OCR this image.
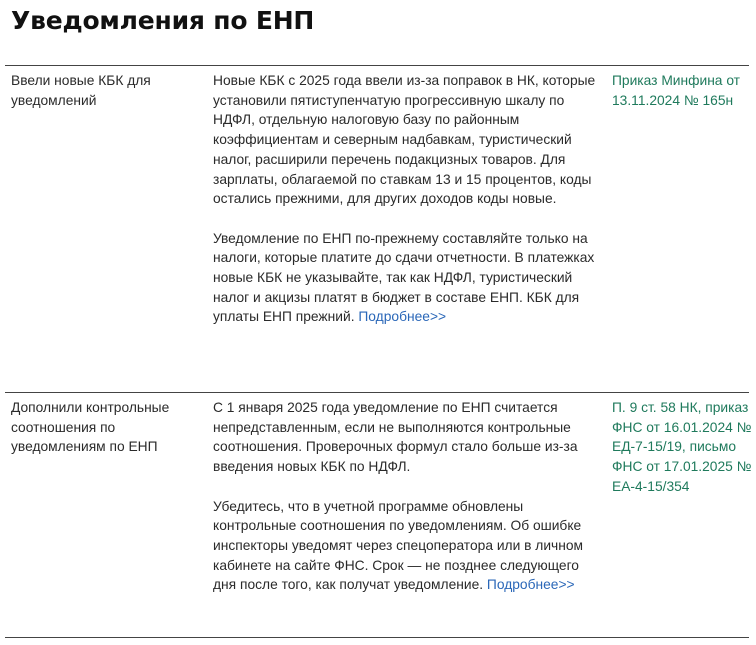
Уведомления по ЕНП
Ввели новые КБК для уведомлений

Новые КБК с 2025 года ввели из-за поправок в НК, которые установили пятиступенчатую прогрессивную шкалу по НДФЛ, отдельную налоговую базу по районным коэффициентам и северным надбавкам, туристический налог, расширили перечень подакцизных товаров. Для зарплаты, облагаемой по ставкам 13 и 15 процентов, коды остались прежними, для других доходов коды новые.

Уведомление по ЕНП по-прежнему составляйте только на налоги, которые платите до сдачи отчетности. В платежках новые КБК не указывайте, так как НДФЛ, туристический налог и акцизы платят в бюджет в составе ЕНП. КБК для уплаты ЕНП прежний. Подробнее>>

Приказ Минфина от 13.11.2024 № 165н
Дополнили контрольные соотношения по уведомлениям по ЕНП

С 1 января 2025 года уведомление по ЕНП считается непредставленным, если не выполняются контрольные соотношения. Проверочных формул стало больше из-за введения новых КБК по НДФЛ.

Убедитесь, что в учетной программе обновлены контрольные соотношения по уведомлениям. Об ошибке инспекторы уведомят через спецоператора или в личном кабинете на сайте ФНС. Срок — не позднее следующего дня после того, как получат уведомление. Подробнее>>

П. 9 ст. 58 НК, приказ ФНС от 16.01.2024 № ЕД-7-15/19, письмо ФНС от 17.01.2025 № ЕА-4-15/354
